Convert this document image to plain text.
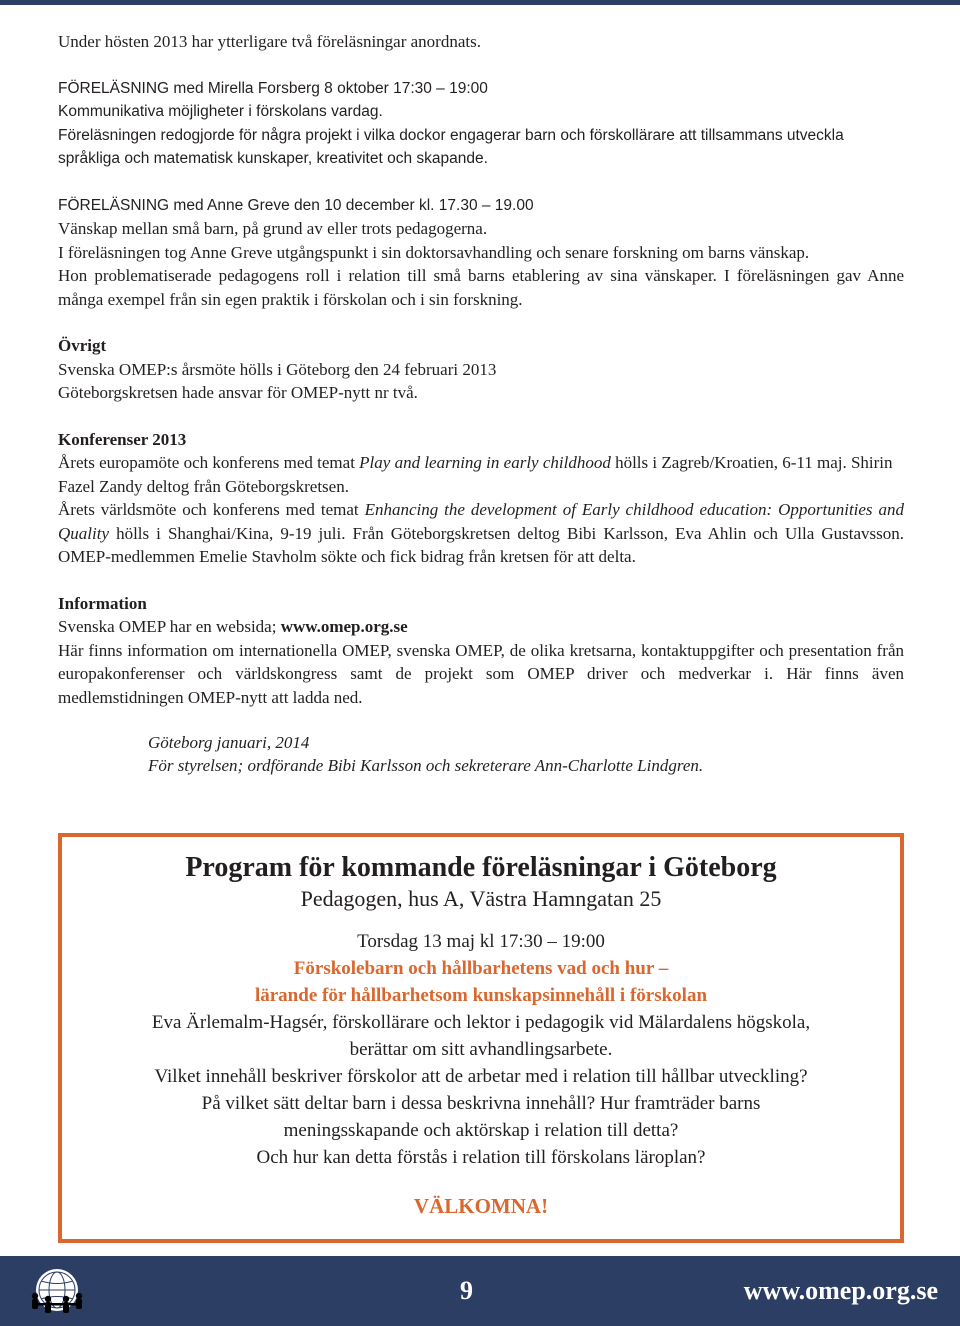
Under hösten 2013 har ytterligare två föreläsningar anordnats.

FÖRELÄSNING med Mirella Forsberg 8 oktober 17:30 – 19:00

Kommunikativa möjligheter i förskolans vardag.

Föreläsningen redogjorde för några projekt i vilka dockor engagerar barn och förskollärare att tillsammans utveckla språkliga och matematisk kunskaper, kreativitet och skapande.

FÖRELÄSNING med Anne Greve den 10 december kl. 17.30 – 19.00

Vänskap mellan små barn, på grund av eller trots pedagogerna.

I föreläsningen tog Anne Greve utgångspunkt i sin doktorsavhandling och senare forskning om barns vänskap.

Hon problematiserade pedagogens roll i relation till små barns etablering av sina vänskaper. I föreläsningen gav Anne många exempel från sin egen praktik i förskolan och i sin forskning.

Övrigt

Svenska OMEP:s årsmöte hölls i Göteborg den 24 februari 2013

Göteborgskretsen hade ansvar för OMEP-nytt nr två.

Konferenser 2013

Årets europamöte och konferens med temat Play and learning in early childhood hölls i Zagreb/Kroatien, 6-11 maj. Shirin Fazel Zandy deltog från Göteborgskretsen.

Årets världsmöte och konferens med temat Enhancing the development of Early childhood education: Opportunities and Quality hölls i Shanghai/Kina, 9-19 juli. Från Göteborgskretsen deltog Bibi Karlsson, Eva Ahlin och Ulla Gustavsson. OMEP-medlemmen Emelie Stavholm sökte och fick bidrag från kretsen för att delta.

Information

Svenska OMEP har en websida; www.omep.org.se

Här finns information om internationella OMEP, svenska OMEP, de olika kretsarna, kontaktuppgifter och presentation från europakonferenser och världskongress samt de projekt som OMEP driver och medverkar i. Här finns även medlemstidningen OMEP-nytt att ladda ned.

Göteborg januari, 2014

För styrelsen; ordförande Bibi Karlsson och sekreterare Ann-Charlotte Lindgren.

Program för kommande föreläsningar i Göteborg
Pedagogen, hus A, Västra Hamngatan 25
Torsdag 13 maj kl 17:30 – 19:00
Förskolebarn och hållbarhetens vad och hur –
lärande för hållbarhetsom kunskapsinnehåll i förskolan
Eva Ärlemalm-Hagsér, förskollärare och lektor i pedagogik vid Mälardalens högskola,
berättar om sitt avhandlingsarbete.
Vilket innehåll beskriver förskolor att de arbetar med i relation till hållbar utveckling?
På vilket sätt deltar barn i dessa beskrivna innehåll? Hur framträder barns
meningsskapande och aktörskap i relation till detta?
Och hur kan detta förstås i relation till förskolans läroplan?
VÄLKOMNA!
9	www.omep.org.se
